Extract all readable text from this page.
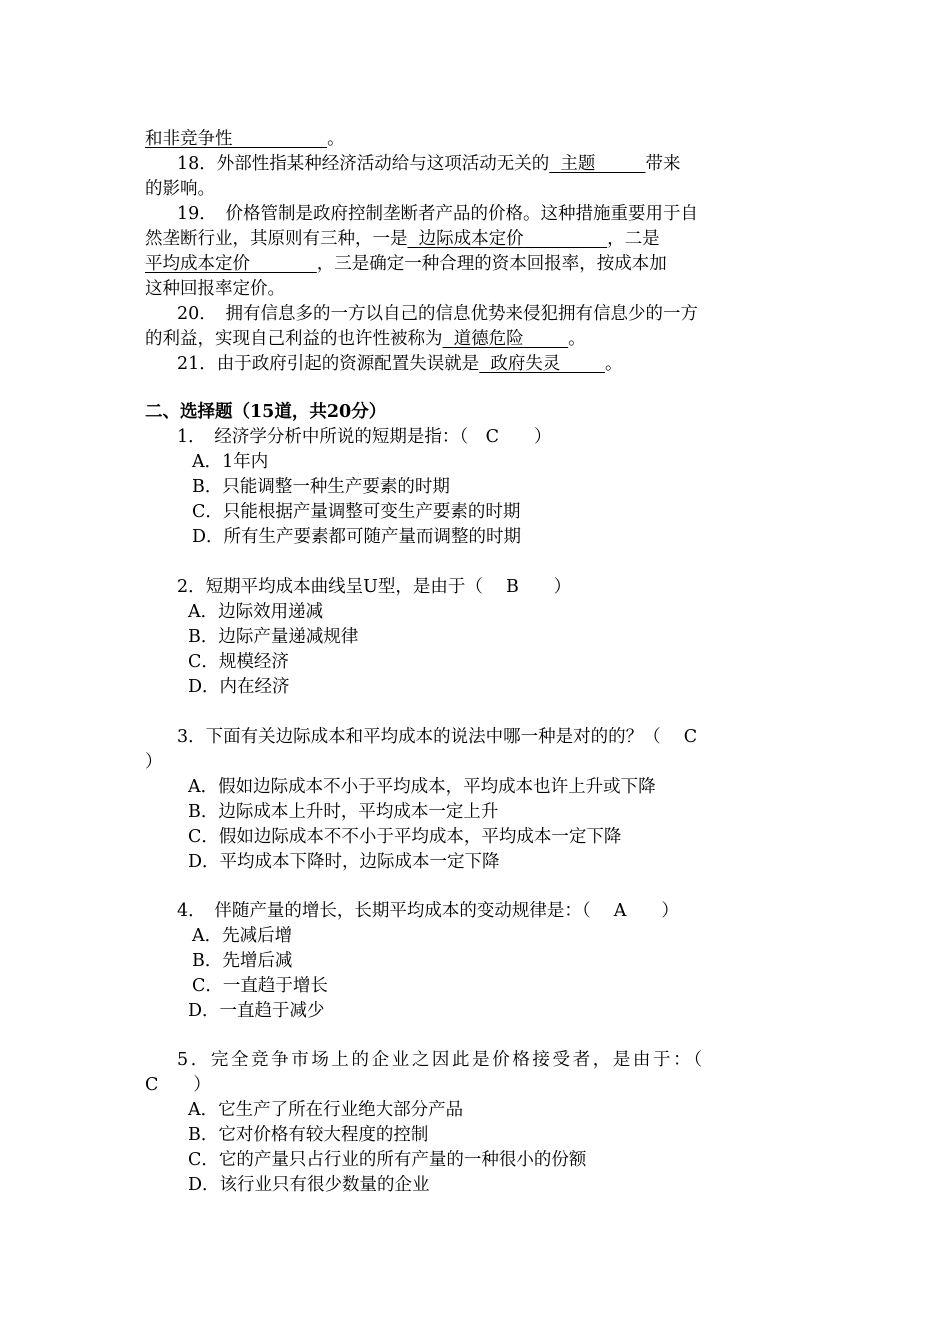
和非竞争性	。
18．外部性指某种经济活动给与这项活动无关的 主题	带来
的影响。
19．　价格管制是政府控制垄断者产品的价格。这种措施重要用于自
然垄断行业，其原则有三种，一是 边际成本定价	，二是
平均成本定价	，三是确定一种合理的资本回报率，按成本加
这种回报率定价。
20．　拥有信息多的一方以自己的信息优势来侵犯拥有信息少的一方
的利益，实现自己利益的也许性被称为 道德危险	。
21．由于政府引起的资源配置失误就是 政府失灵	。
二、选择题（15道，共20分）
1．　经济学分析中所说的短期是指：（　C　　）
A．1年内
B．只能调整一种生产要素的时期
C．只能根据产量调整可变生产要素的时期
D．所有生产要素都可随产量而调整的时期
2．短期平均成本曲线呈U型，是由于（　 B　　）
A．边际效用递减
B．边际产量递减规律
C．规模经济
D．内在经济
3．下面有关边际成本和平均成本的说法中哪一种是对的的？（　 C
）
A．假如边际成本不小于平均成本，平均成本也许上升或下降
B．边际成本上升时，平均成本一定上升
C．假如边际成本不不小于平均成本，平均成本一定下降
D．平均成本下降时，边际成本一定下降
4．　伴随产量的增长，长期平均成本的变动规律是：（　 A　　）
A．先减后增
B．先增后减
C．一直趋于增长
D．一直趋于减少
5．完全竞争市场上的企业之因此是价格接受者，是由于：（
C　　）
A．它生产了所在行业绝大部分产品
B．它对价格有较大程度的控制
C．它的产量只占行业的所有产量的一种很小的份额
D．该行业只有很少数量的企业
